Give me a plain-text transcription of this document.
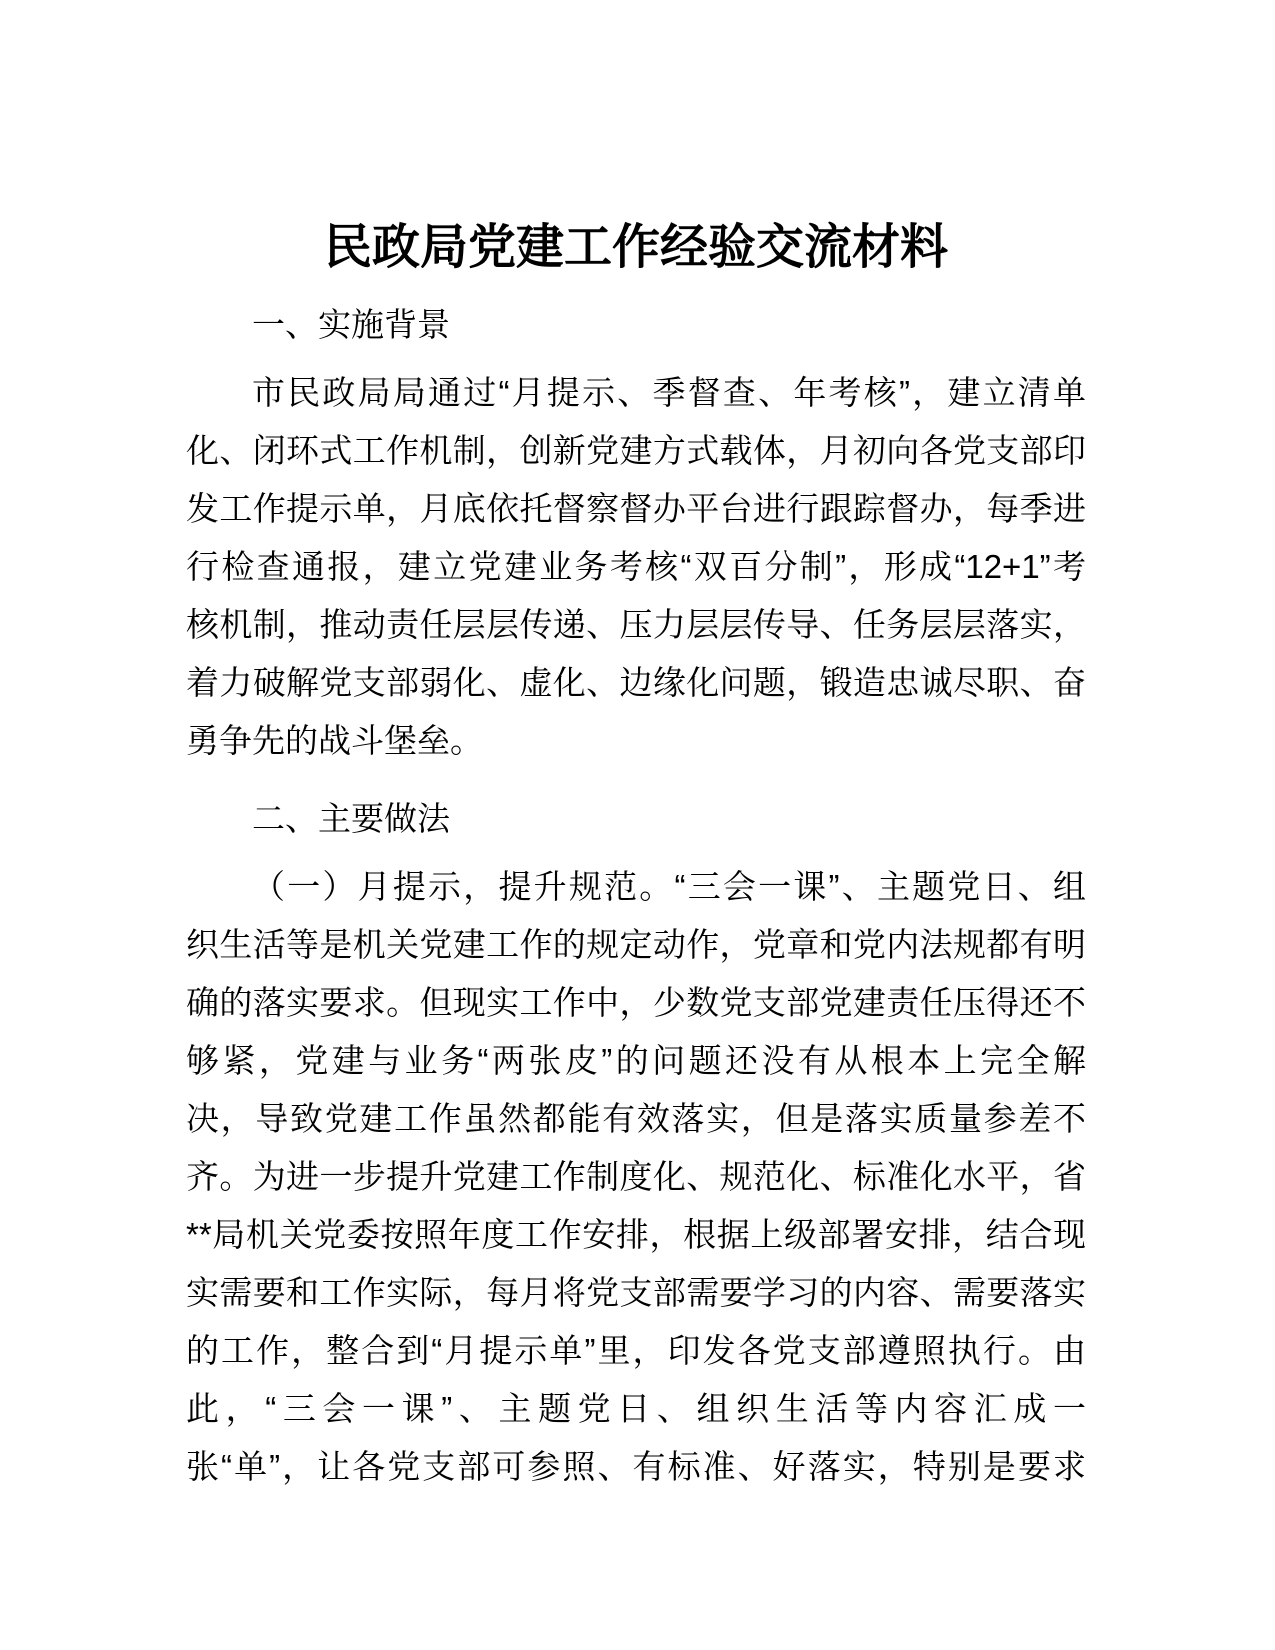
民政局党建工作经验交流材料
一、实施背景
市民政局局通过“月提示、季督查、年考核”，建立清单
化、闭环式工作机制，创新党建方式载体，月初向各党支部印
发工作提示单，月底依托督察督办平台进行跟踪督办，每季进
行检查通报，建立党建业务考核“双百分制”，形成“12+1”考
核机制，推动责任层层传递、压力层层传导、任务层层落实，
着力破解党支部弱化、虚化、边缘化问题，锻造忠诚尽职、奋
勇争先的战斗堡垒。
二、主要做法
（一）月提示，提升规范。“三会一课”、主题党日、组
织生活等是机关党建工作的规定动作，党章和党内法规都有明
确的落实要求。但现实工作中，少数党支部党建责任压得还不
够紧，党建与业务“两张皮”的问题还没有从根本上完全解
决，导致党建工作虽然都能有效落实，但是落实质量参差不
齐。为进一步提升党建工作制度化、规范化、标准化水平，省
**局机关党委按照年度工作安排，根据上级部署安排，结合现
实需要和工作实际，每月将党支部需要学习的内容、需要落实
的工作，整合到“月提示单”里，印发各党支部遵照执行。由
此，“三会一课”、主题党日、组织生活等内容汇成一
张“单”，让各党支部可参照、有标准、好落实，特别是要求
